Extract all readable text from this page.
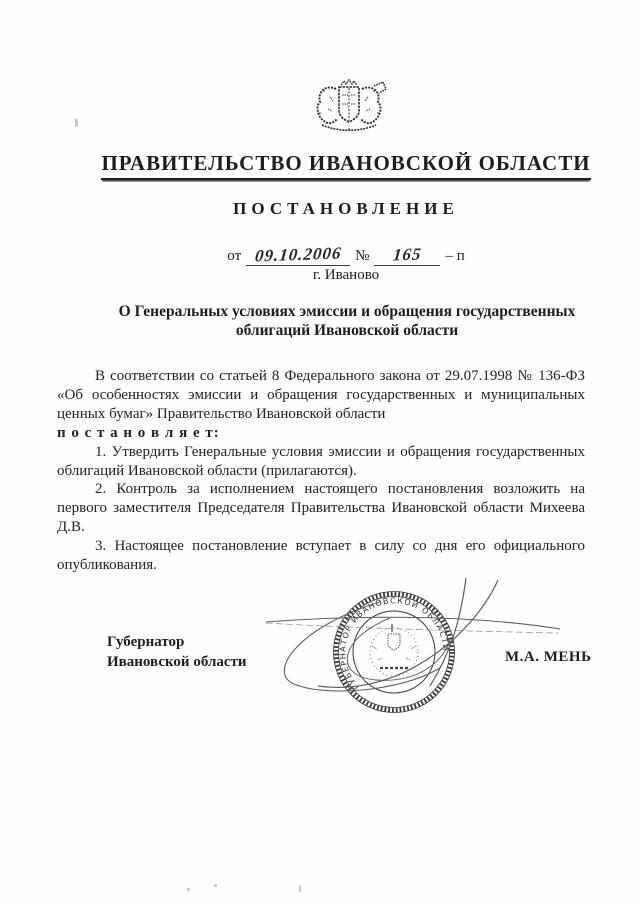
ПРАВИТЕЛЬСТВО ИВАНОВСКОЙ ОБЛАСТИ
ПОСТАНОВЛЕНИЕ
от 09.10.2006 №	165	– п
г. Иваново
О Генеральных условиях эмиссии и обращения государственных облигаций Ивановской области

В соответствии со статьей 8 Федерального закона от 29.07.1998 № 136-ФЗ «Об особенностях эмиссии и обращения государственных и муниципальных ценных бумаг» Правительство Ивановской области
п о с т а н о в л я е т:

1. Утвердить Генеральные условия эмиссии и обращения государственных облигаций Ивановской области (прилагаются).

2. Контроль за исполнением настоящего постановления возложить на первого заместителя Председателя Правительства Ивановской области Михеева Д.В.

3. Настоящее постановление вступает в силу со дня его официального опубликования.

Губернатор
Ивановской области	М.А. МЕНЬ
ГУБЕРНАТОР ИВАНОВСКОЙ ОБЛАСТИ
